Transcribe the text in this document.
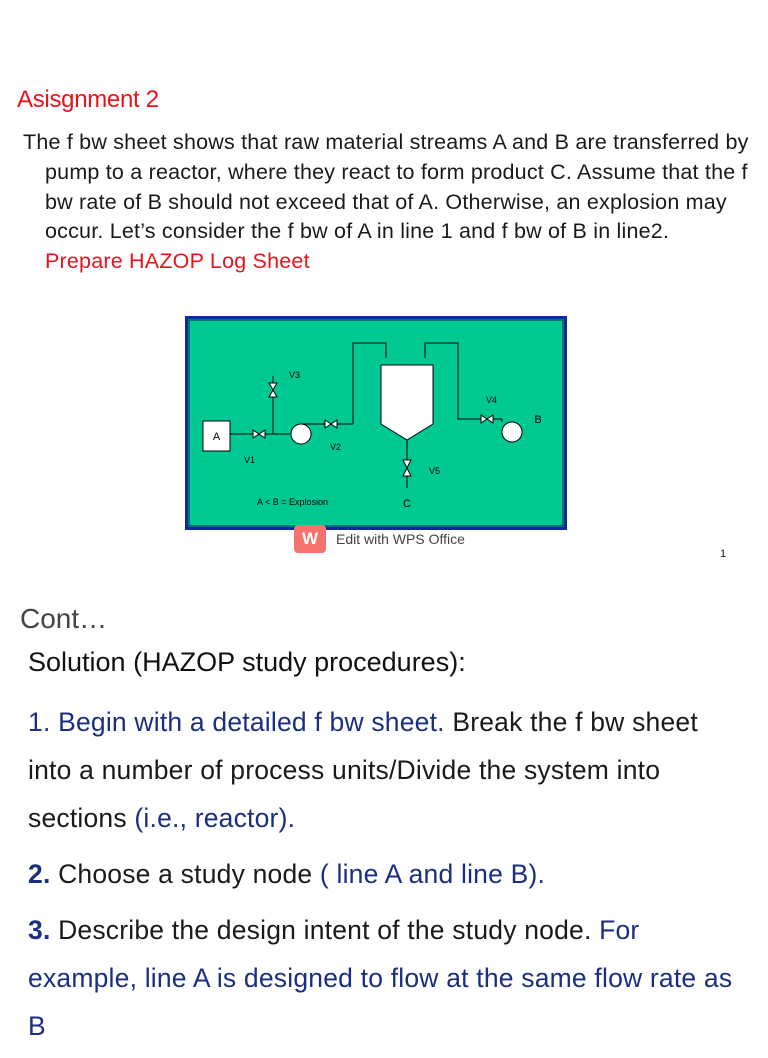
Asisgnment 2

The f bw sheet shows that raw material streams A and B are transferred by pump to a reactor, where they react to form product C. Assume that the f bw rate of B should not exceed that of A. Otherwise, an explosion may occur. Let’s consider the f bw of A in line 1 and f bw of B in line2. Prepare HAZOP Log Sheet

A
V1
V3
V2
V4
B
V5
C
A < B = Explosion
W	Edit with WPS Office
1
Cont…
Solution (HAZOP study procedures):

1. Begin with a detailed f bw sheet. Break the f bw sheet into a number of process units/Divide the system into sections (i.e., reactor).

2. Choose a study node ( line A and line B).

3. Describe the design intent of the study node. For example, line A is designed to flow at the same flow rate as B
